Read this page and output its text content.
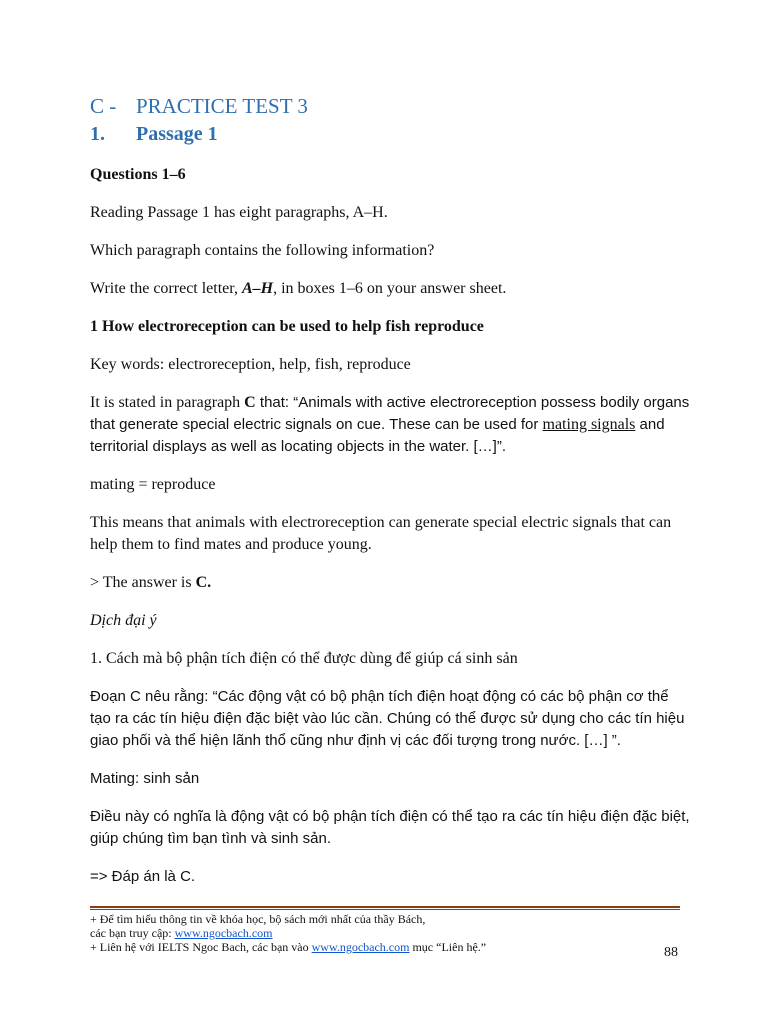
C - PRACTICE TEST 3
1. Passage 1

Questions 1–6

Reading Passage 1 has eight paragraphs, A–H.

Which paragraph contains the following information?

Write the correct letter, A–H, in boxes 1–6 on your answer sheet.

1 How electroreception can be used to help fish reproduce

Key words: electroreception, help, fish, reproduce

It is stated in paragraph C that: “Animals with active electroreception possess bodily organs that generate special electric signals on cue. These can be used for mating signals and territorial displays as well as locating objects in the water. […]”.

mating = reproduce

This means that animals with electroreception can generate special electric signals that can help them to find mates and produce young.

> The answer is C.

Dịch đại ý

1. Cách mà bộ phận tích điện có thể được dùng để giúp cá sinh sản

Đoạn C nêu rằng: “Các động vật có bộ phận tích điện hoạt động có các bộ phận cơ thể tạo ra các tín hiệu điện đặc biệt vào lúc cần. Chúng có thể được sử dụng cho các tín hiệu giao phối và thể hiện lãnh thổ cũng như định vị các đối tượng trong nước. […] ”.

Mating: sinh sản

Điều này có nghĩa là động vật có bộ phận tích điện có thể tạo ra các tín hiệu điện đặc biệt, giúp chúng tìm bạn tình và sinh sản.

=> Đáp án là C.

+ Để tìm hiểu thông tin về khóa học, bộ sách mới nhất của thầy Bách,
các bạn truy cập: www.ngocbach.com
+ Liên hệ với IELTS Ngoc Bach, các bạn vào www.ngocbach.com mục “Liên hệ.”	88
